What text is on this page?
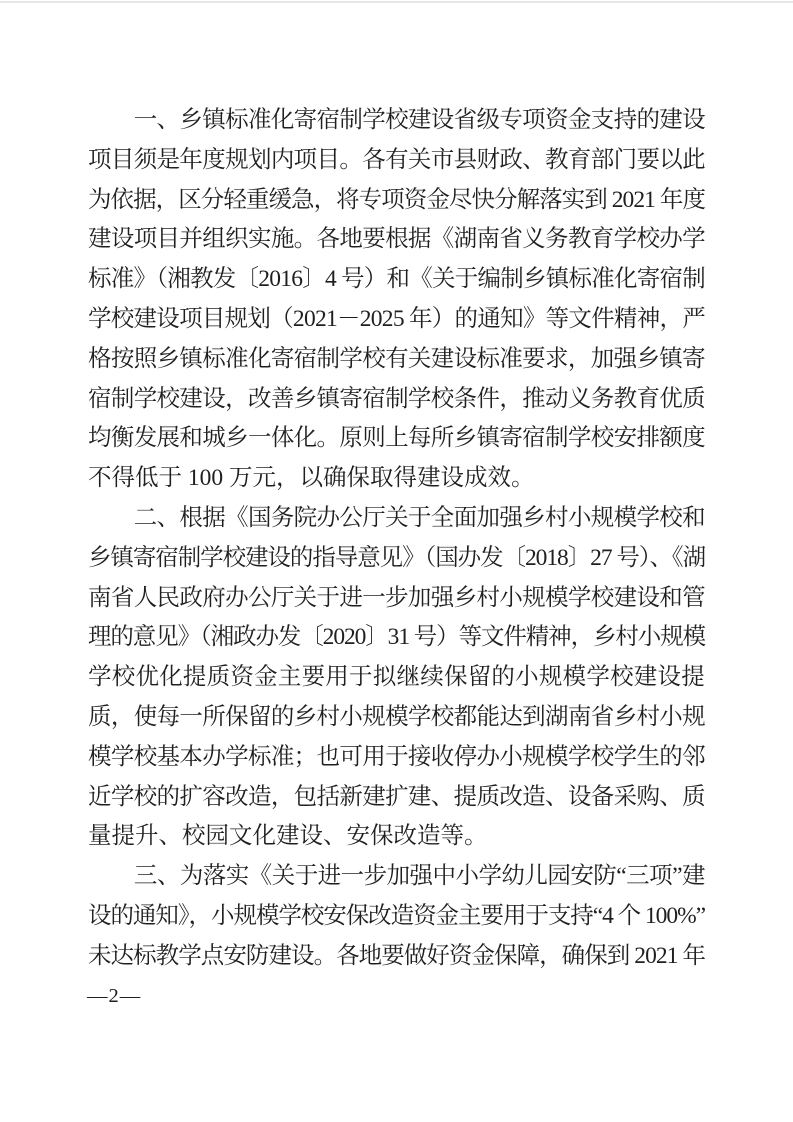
　　一、乡镇标准化寄宿制学校建设省级专项资金支持的建设
项目须是年度规划内项目。各有关市县财政、教育部门要以此
为依据，区分轻重缓急，将专项资金尽快分解落实到 2021 年度
建设项目并组织实施。各地要根据《湖南省义务教育学校办学
标准》（湘教发〔2016〕4 号）和《关于编制乡镇标准化寄宿制
学校建设项目规划（2021－2025 年）的通知》等文件精神，严
格按照乡镇标准化寄宿制学校有关建设标准要求，加强乡镇寄
宿制学校建设，改善乡镇寄宿制学校条件，推动义务教育优质
均衡发展和城乡一体化。原则上每所乡镇寄宿制学校安排额度
不得低于 100 万元，以确保取得建设成效。
　　二、根据《国务院办公厅关于全面加强乡村小规模学校和
乡镇寄宿制学校建设的指导意见》（国办发〔2018〕27 号）、《湖
南省人民政府办公厅关于进一步加强乡村小规模学校建设和管
理的意见》（湘政办发〔2020〕31 号）等文件精神，乡村小规模
学校优化提质资金主要用于拟继续保留的小规模学校建设提
质，使每一所保留的乡村小规模学校都能达到湖南省乡村小规
模学校基本办学标准；也可用于接收停办小规模学校学生的邻
近学校的扩容改造，包括新建扩建、提质改造、设备采购、质
量提升、校园文化建设、安保改造等。
　　三、为落实《关于进一步加强中小学幼儿园安防“三项”建
设的通知》，小规模学校安保改造资金主要用于支持“4 个 100%”
未达标教学点安防建设。各地要做好资金保障，确保到 2021 年
—2—
